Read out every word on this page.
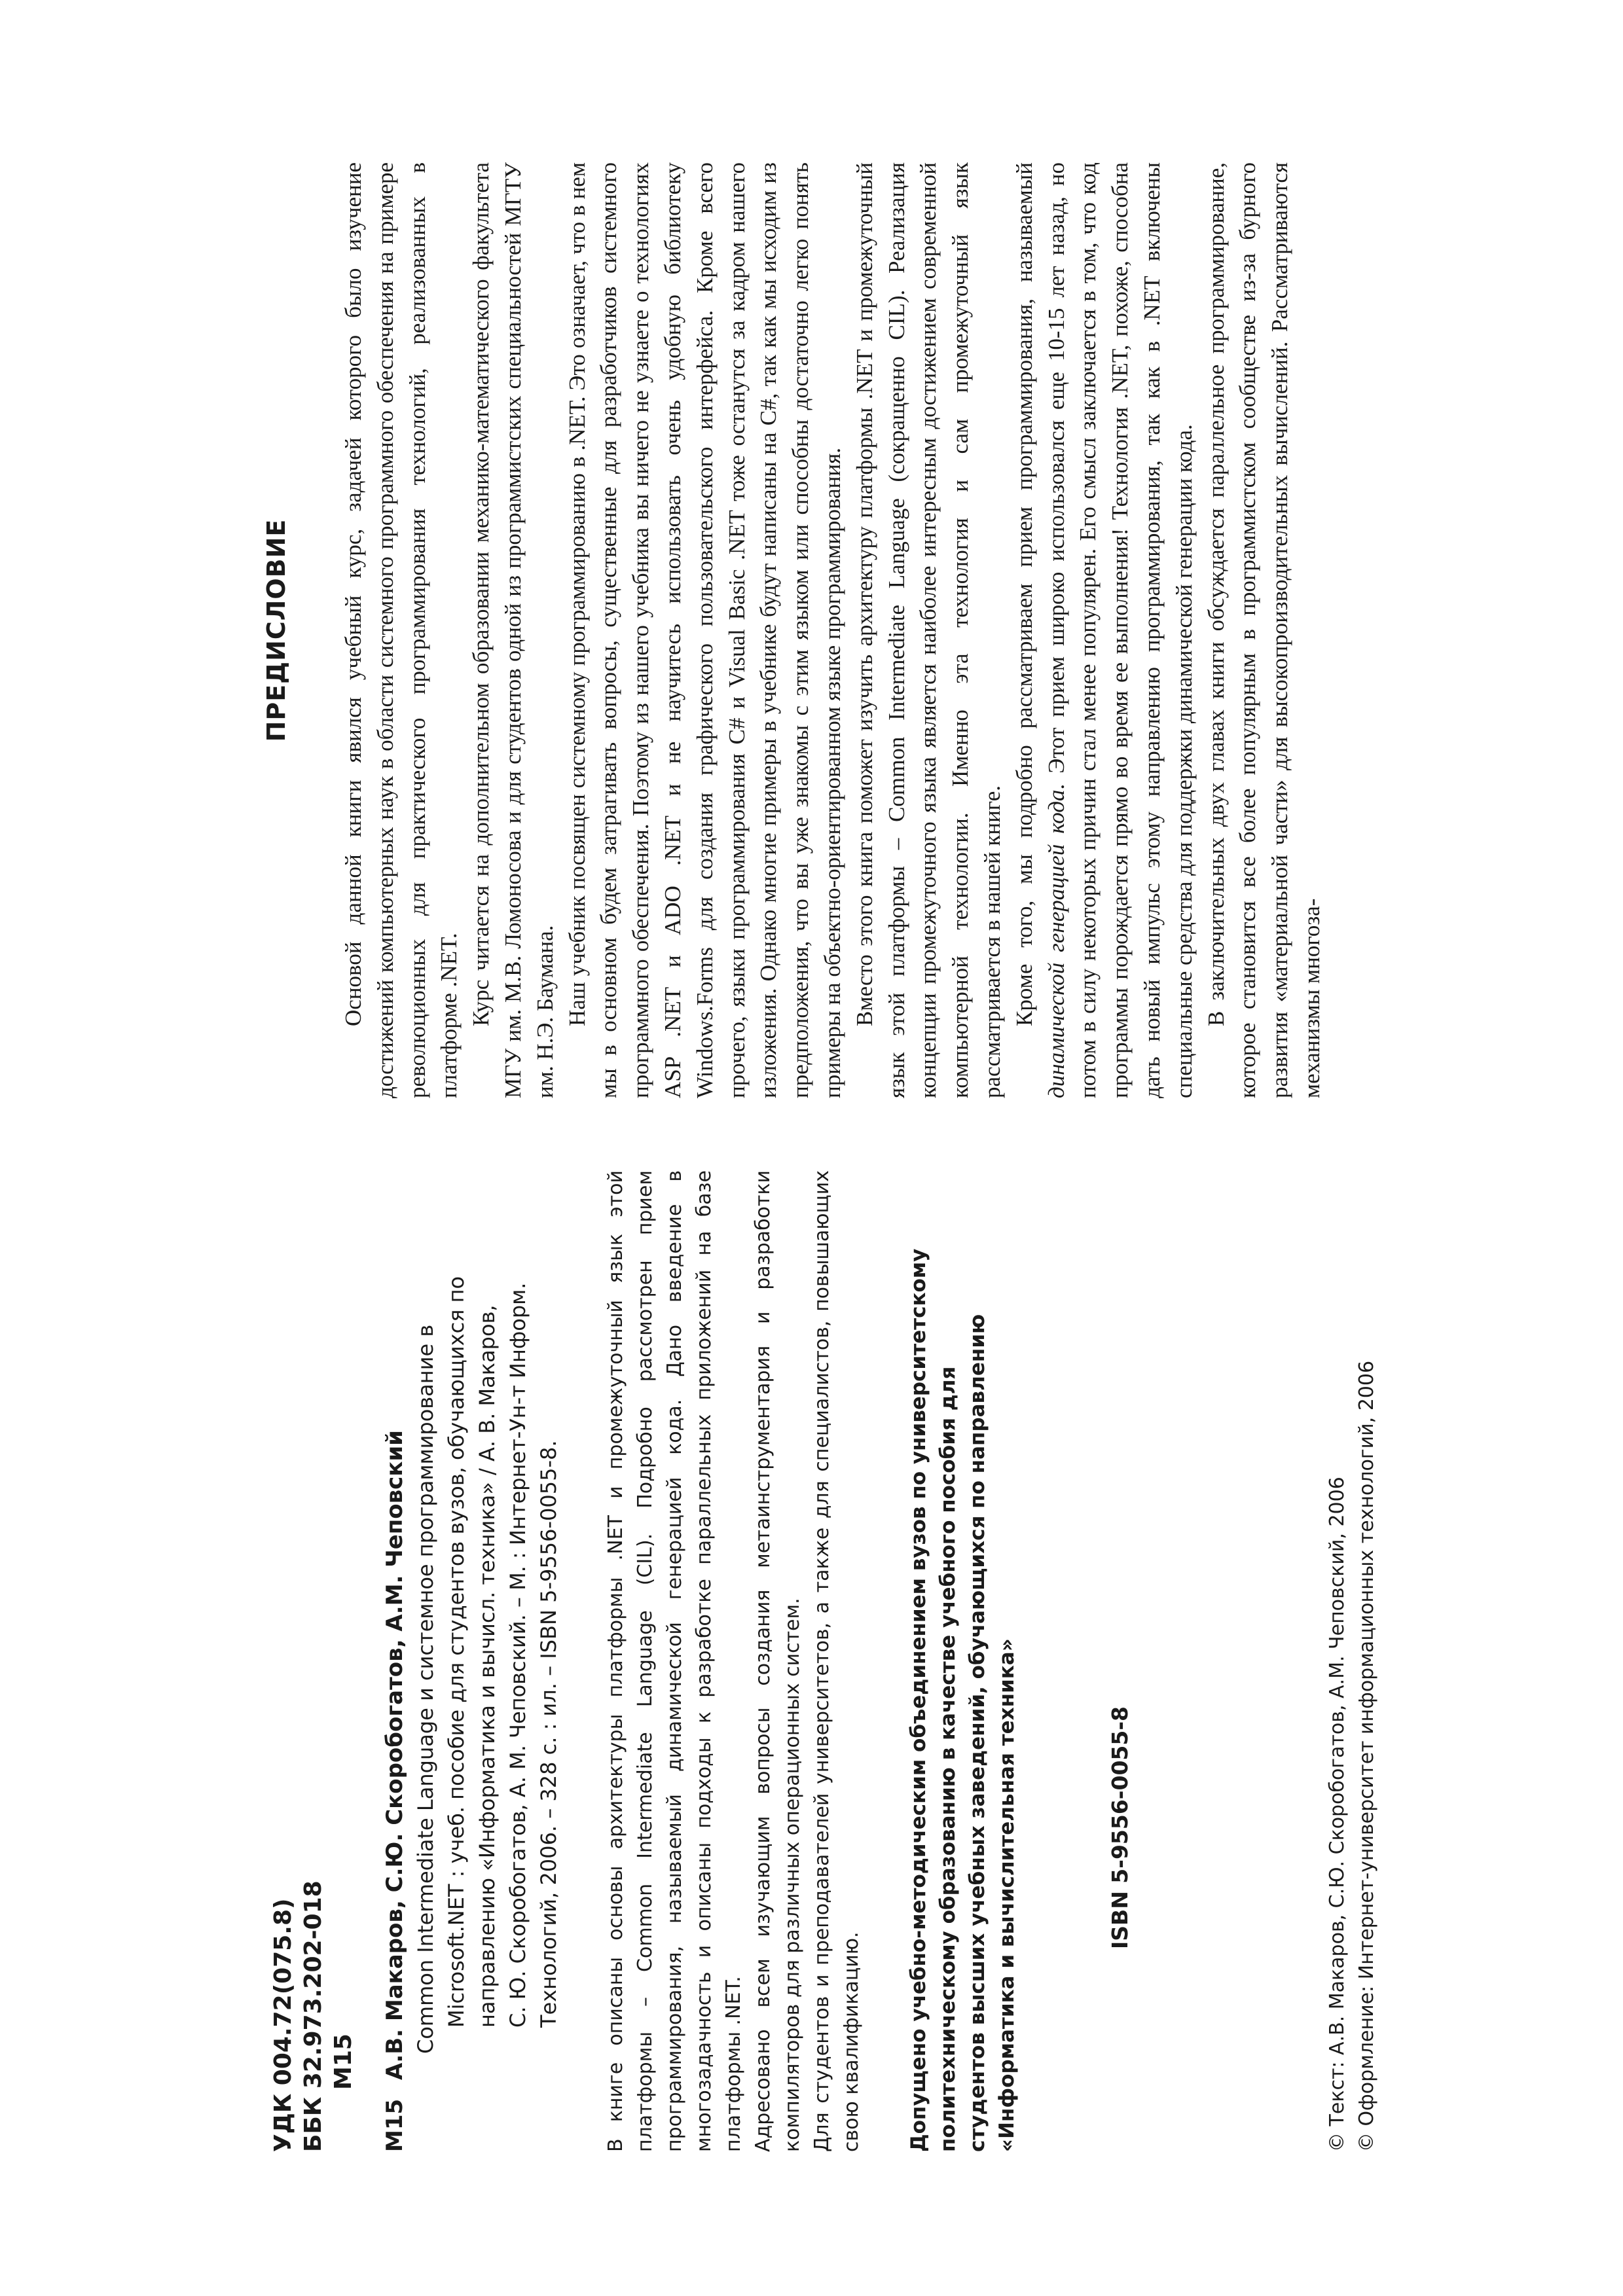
УДК 004.72(075.8) ББК 32.973.202-018 М15
М15
А.В. Макаров, С.Ю. Скоробогатов, А.М. Чеповский Common Intermediate Language и системное программирование в Microsoft.NET : учеб. пособие для студентов вузов, обучающихся по направлению «Информатика и вычисл. техника» / А. В. Макаров, С. Ю. Скоробогатов, А. М. Чеповский. – М. : Интернет-Ун-т Информ. Технологий, 2006. – 328 с. : ил. – ISBN 5-9556-0055-8. В книге описаны основы архитектуры платформы .NET и промежуточный язык этой платформы – Common Intermediate Language (CIL). Подробно рассмотрен прием программирования, называемый динамической генерацией кода. Дано введение в многозадачность и описаны подходы к разработке параллельных приложений на базе платформы .NET. Адресовано всем изучающим вопросы создания метаинструментария и разработки компиляторов для различных операционных систем. Для студентов и преподавателей университетов, а также для специалистов, повышающих свою квалификацию. Допущено учебно-методическим объединением вузов по университетскому политехническому образованию в качестве учебного пособия для студентов высших учебных заведений, обучающихся по направлению «Информатика и вычислительная техника»	ISBN 5-9556-0055-8	© Текст: А.В. Макаров, С.Ю. Скоробогатов, А.М. Чеповский, 2006 © Оформление: Интернет-университет информационных технологий, 2006
ПРЕДИСЛОВИЕ Основой данной книги явился учебный курс, задачей которого было изучение достижений компьютерных наук в области системного программного обеспечения на примере революционных для практического программирования технологий, реализованных в платформе .NET. Курс читается на дополнительном образовании механико-математического факультета МГУ им. М.В. Ломоносова и для студентов одной из программистских специальностей МГТУ им. Н.Э. Баумана. Наш учебник посвящен системному программированию в .NET. Это означает, что в нем мы в основном будем затрагивать вопросы, существенные для разработчиков системного программного обеспечения. Поэтому из нашего учебника вы ничего не узнаете о технологиях ASP .NET и ADO .NET и не научитесь использовать очень удобную библиотеку Windows.Forms для создания графического пользовательского интерфейса. Кроме всего прочего, языки программирования C# и Visual Basic .NET тоже останутся за кадром нашего изложения. Однако многие примеры в учебнике будут написаны на C#, так как мы исходим из предположения, что вы уже знакомы с этим языком или способны достаточно легко понять примеры на объектно-ориентированном языке программирования. Вместо этого книга поможет изучить архитектуру платформы .NET и промежуточный язык этой платформы – Common Intermediate Language (сокращенно CIL). Реализация концепции промежуточного языка является наиболее интересным достижением современной компьютерной технологии. Именно эта технология и сам промежуточный язык рассматривается в нашей книге. Кроме того, мы подробно рассматриваем прием программирования, называемый динамической генерацией кода. Этот прием широко использовался еще 10-15 лет назад, но потом в силу некоторых причин стал менее популярен. Его смысл заключается в том, что код программы порождается прямо во время ее выполнения! Технология .NET, похоже, способна дать новый импульс этому направлению программирования, так как в .NET включены специальные средства для поддержки динамической генерации кода. В заключительных двух главах книги обсуждается параллельное программирование, которое становится все более популярным в программистском сообществе из-за бурного развития «материальной части» для высокопроизводительных вычислений. Рассматриваются механизмы многоза-
